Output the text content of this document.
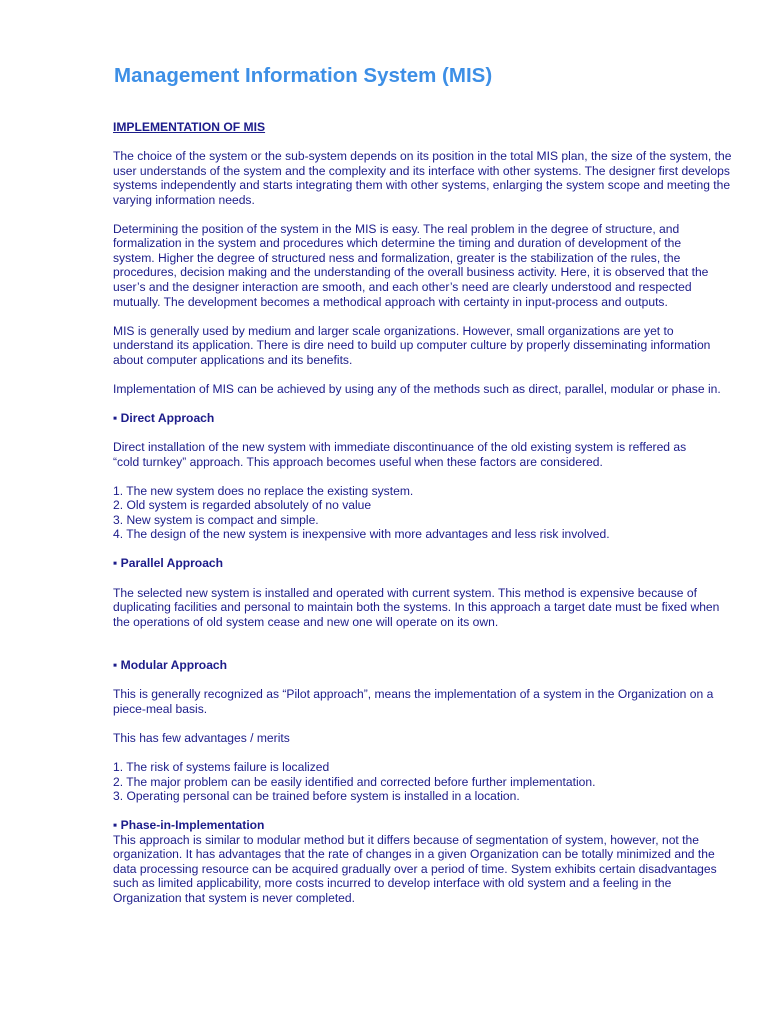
Management Information System (MIS)

IMPLEMENTATION OF MIS

The choice of the system or the sub-system depends on its position in the total MIS plan, the size of the system, the user understands of the system and the complexity and its interface with other systems. The designer first develops systems independently and starts integrating them with other systems, enlarging the system scope and meeting the varying information needs.

Determining the position of the system in the MIS is easy. The real problem in the degree of structure, and formalization in the system and procedures which determine the timing and duration of development of the system. Higher the degree of structured ness and formalization, greater is the stabilization of the rules, the procedures, decision making and the understanding of the overall business activity. Here, it is observed that the user’s and the designer interaction are smooth, and each other’s need are clearly understood and respected mutually. The development becomes a methodical approach with certainty in input-process and outputs.

MIS is generally used by medium and larger scale organizations. However, small organizations are yet to understand its application. There is dire need to build up computer culture by properly disseminating information about computer applications and its benefits.

Implementation of MIS can be achieved by using any of the methods such as direct, parallel, modular or phase in.

▪ Direct Approach

Direct installation of the new system with immediate discontinuance of the old existing system is reffered as “cold turnkey” approach. This approach becomes useful when these factors are considered.

1. The new system does no replace the existing system.

2. Old system is regarded absolutely of no value

3. New system is compact and simple.

4. The design of the new system is inexpensive with more advantages and less risk involved.

▪ Parallel Approach

The selected new system is installed and operated with current system. This method is expensive because of duplicating facilities and personal to maintain both the systems. In this approach a target date must be fixed when the operations of old system cease and new one will operate on its own.

▪ Modular Approach

This is generally recognized as “Pilot approach”, means the implementation of a system in the Organization on a piece-meal basis.

This has few advantages / merits

1. The risk of systems failure is localized

2. The major problem can be easily identified and corrected before further implementation.

3. Operating personal can be trained before system is installed in a location.

▪ Phase-in-Implementation

This approach is similar to modular method but it differs because of segmentation of system, however, not the organization. It has advantages that the rate of changes in a given Organization can be totally minimized and the data processing resource can be acquired gradually over a period of time. System exhibits certain disadvantages such as limited applicability, more costs incurred to develop interface with old system and a feeling in the Organization that system is never completed.
